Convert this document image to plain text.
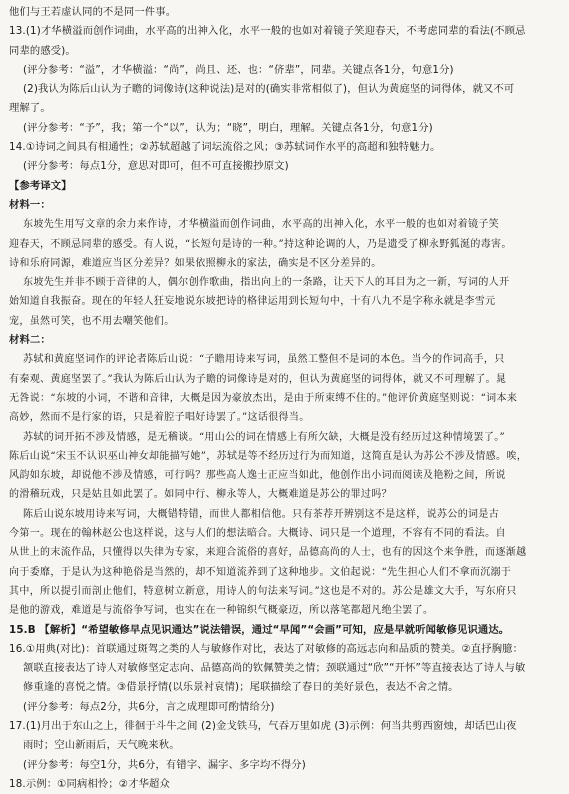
他们与王若虚认同的不是同一件事。
13.(1)才华横溢而创作词曲，水平高的出神入化，水平一般的也如对着镜子笑迎春天，不考虑同辈的看法(不顾忌
同辈的感受)。
(评分参考：“溢”，才华横溢：“尚”，尚且、还、也：“侪辈”，同辈。关键点各1分，句意1分)
(2)我认为陈后山认为子瞻的词像诗(这种说法)是对的(确实非常相似了)，但认为黄庭坚的词得体，就又不可
理解了。
(评分参考：“予”，我；第一个“以”，认为；“晓”，明白，理解。关键点各1分，句意1分)
14.①诗词之间具有相通性；②苏轼超越了词坛流俗之风；③苏轼词作水平的高超和独特魅力。
(评分参考：每点1分，意思对即可，但不可直接搬抄原文)
【参考译文】
材料一：
东坡先生用写文章的余力来作诗，才华横溢而创作词曲，水平高的出神入化，水平一般的也如对着镜子笑
迎春天，不顾忌同辈的感受。有人说，“长短句是诗的一种。”持这种论调的人，乃是遗受了柳永野狐涎的毒害。
诗和乐府同源，难道应当区分差异？如果依照柳永的家法，确实是不区分差异的。
东坡先生并非不顾于音律的人，偶尔创作歌曲，指出向上的一条路，让天下人的耳目为之一新，写词的人开
始知道自我振奋。现在的年轻人狂妄地说东坡把诗的格律运用到长短句中，十有八九不是字称永就是李雪元
宠，虽然可笑，也不用去嘲笑他们。
材料二：
苏轼和黄庭坚词作的评论者陈后山说：“子瞻用诗来写词，虽然工整但不是词的本色。当今的作词高手，只
有秦观、黄庭坚罢了。”我认为陈后山认为子瞻的词像诗是对的，但认为黄庭坚的词得体，就又不可理解了。晁
无咎说：“东坡的小词，不谐和音律，大概是因为豪放杰出，是由于所束缚不住的。”他评价黄庭坚则说：“词本来
高妙，然而不是行家的语，只是着腔子唱好诗罢了。”这话很得当。
苏轼的词开拓不涉及情感，是无稽谈。“用山公的词在情感上有所欠缺，大概是没有经历过这种情境罢了。”
陈后山说“宋玉不认识巫山神女却能描写她”，苏轼是等不经历过行为而知道，这简直是认为苏公不涉及情感。唉，
风韵如东坡，却说他不涉及情感，可行吗？那些高人逸士正应当如此，他创作出小词而阅读及艳粉之间，所说
的滑稽玩戏，只是姑且如此罢了。如同中行、柳永等人，大概难道是苏公的罪过吗？
陈后山说东坡用诗来写词，大概错特错，而世人都相信他。只有茶荐开辨别这不是这样，说苏公的词是古
今第一。现在的翰林赵公也这样说，这与人们的想法暗合。大概诗、词只是一个道理，不容有不同的看法。自
从世上的末流作品，只懂得以失律为专家，来迎合流俗的喜好，品德高尚的人士，也有的因这个来争胜，而逐渐越
向于委靡，于是认为这种艳俗是当然的，却不知道流养到了这种地步。文伯起说：“先生担心人们不拿而沉溺于
其中，所以提引而剖止他们，特意树立新意，用诗人的句法来写词。”这也是不对的。苏公是雄文大手，写东府只
是他的游戏，难道是与流俗争写词，也实在在一种锦织气概豪迈，所以落笔都超凡绝尘罢了。
15.B 【解析】“希望敏修早点见识通达”说法错误，通过“早闻”“会画”可知，应是早就听闻敏修见识通达。
16.①用典(对比)：首联通过斑驾之类的人与敏修作对比，表达了对敏修的高远志向和品质的赞美。②直抒胸臆：
颔联直接表达了诗人对敏修坚定志向、品德高尚的钦佩赞美之情；颈联通过“欣”“开怀”等直接表达了诗人与敏
修重逢的喜悦之情。③借景抒情(以乐景衬哀情)；尾联描绘了春日的美好景色，表达不舍之情。
(评分参考：每点2分，共6分，言之成理即可酌情给分)
17.(1)月出于东山之上，徘徊于斗牛之间 (2)金戈铁马，气吞万里如虎 (3)示例：何当共剪西窗烛，却话巴山夜
雨时；空山新雨后，天气晚来秋。
(评分参考：每空1分，共6分，有错字、漏字、多字均不得分)
18.示例：①同病相怜；②才华超众
